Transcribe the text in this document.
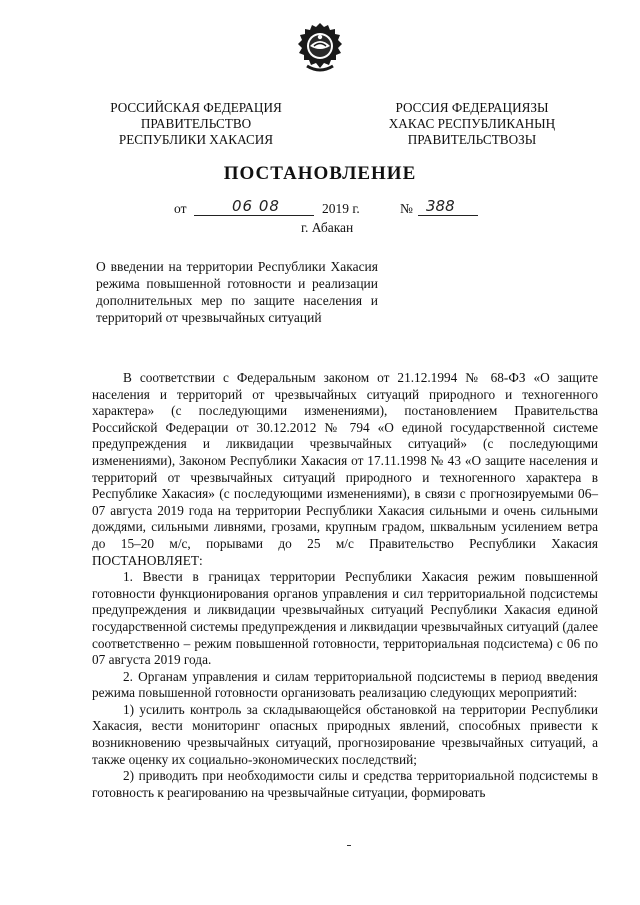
РОССИЙСКАЯ ФЕДЕРАЦИЯ
ПРАВИТЕЛЬСТВО
РЕСПУБЛИКИ ХАКАСИЯ
РОССИЯ ФЕДЕРАЦИЯЗЫ
ХАКАС РЕСПУБЛИКАНЫҢ
ПРАВИТЕЛЬСТВОЗЫ
ПОСТАНОВЛЕНИЕ
от	06 08	2019 г.	№ 388
г. Абакан
О введении на территории Республики Хакасия режима повышенной готовности и реализации дополнительных мер по защите населения и территорий от чрезвычайных ситуаций

В соответствии с Федеральным законом от 21.12.1994 № 68-ФЗ «О защите населения и территорий от чрезвычайных ситуаций природного и техногенного характера» (с последующими изменениями), постановлением Правительства Российской Федерации от 30.12.2012 № 794 «О единой государственной системе предупреждения и ликвидации чрезвычайных ситуаций» (с последующими изменениями), Законом Республики Хакасия от 17.11.1998 № 43 «О защите населения и территорий от чрезвычайных ситуаций природного и техногенного характера в Республике Хакасия» (с последующими изменениями), в связи с прогнозируемыми 06–07 августа 2019 года на территории Республики Хакасия сильными и очень сильными дождями, сильными ливнями, грозами, крупным градом, шквальным усилением ветра до 15–20 м/с, порывами до 25 м/с Правительство Республики Хакасия ПОСТАНОВЛЯЕТ:

1. Ввести в границах территории Республики Хакасия режим повышенной готовности функционирования органов управления и сил территориальной подсистемы предупреждения и ликвидации чрезвычайных ситуаций Республики Хакасия единой государственной системы предупреждения и ликвидации чрезвычайных ситуаций (далее соответственно – режим повышенной готовности, территориальная подсистема) с 06 по 07 августа 2019 года.

2. Органам управления и силам территориальной подсистемы в период введения режима повышенной готовности организовать реализацию следующих мероприятий:

1) усилить контроль за складывающейся обстановкой на территории Республики Хакасия, вести мониторинг опасных природных явлений, способных привести к возникновению чрезвычайных ситуаций, прогнозирование чрезвычайных ситуаций, а также оценку их социально-экономических последствий;

2) приводить при необходимости силы и средства территориальной подсистемы в готовность к реагированию на чрезвычайные ситуации, формировать
